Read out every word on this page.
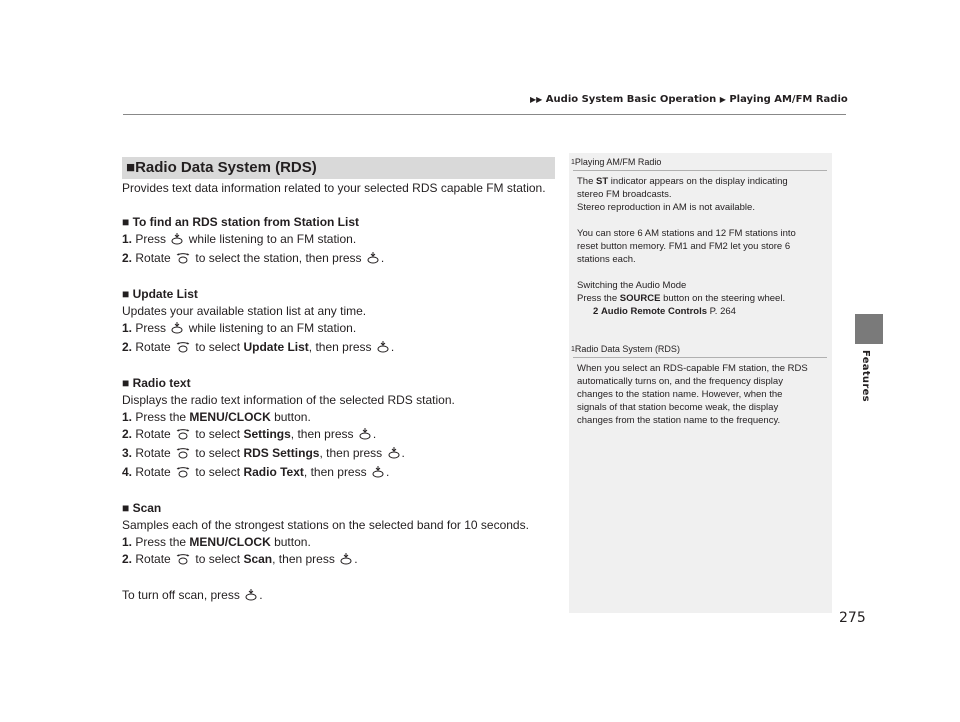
▶▶ Audio System Basic Operation ▶ Playing AM/FM Radio
Features
275
■Radio Data System (RDS)

Provides text data information related to your selected RDS capable FM station.

■ To find an RDS station from Station List

1. Press while listening to an FM station.

2. Rotate to select the station, then press .

■ Update List

Updates your available station list at any time.

1. Press while listening to an FM station.

2. Rotate to select Update List, then press .

■ Radio text

Displays the radio text information of the selected RDS station.

1. Press the MENU/CLOCK button.

2. Rotate to select Settings, then press .

3. Rotate to select RDS Settings, then press .

4. Rotate to select Radio Text, then press .

■ Scan

Samples each of the strongest stations on the selected band for 10 seconds.

1. Press the MENU/CLOCK button.

2. Rotate to select Scan, then press .

To turn off scan, press .

$^1$Playing AM/FM Radio

The ST indicator appears on the display indicating

stereo FM broadcasts.

Stereo reproduction in AM is not available.

You can store 6 AM stations and 12 FM stations into

reset button memory. FM1 and FM2 let you store 6

stations each.

Switching the Audio Mode

Press the SOURCE button on the steering wheel.

2 Audio Remote Controls P. 264

$^1$Radio Data System (RDS)

When you select an RDS-capable FM station, the RDS

automatically turns on, and the frequency display

changes to the station name. However, when the

signals of that station become weak, the display

changes from the station name to the frequency.
